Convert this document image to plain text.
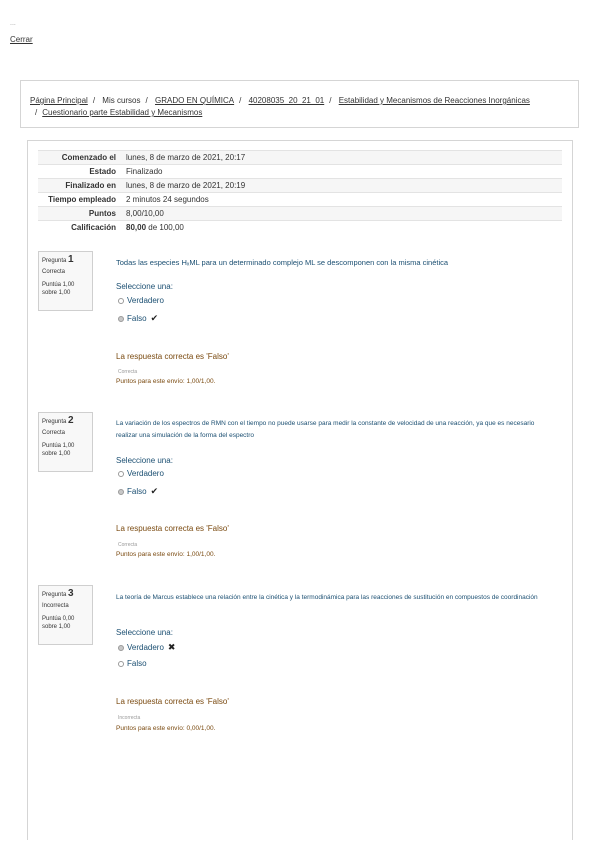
...
Cerrar
Página Principal / Mis cursos / GRADO EN QUÍMICA / 40208035_20_21_01 / Estabilidad y Mecanismos de Reacciones Inorgánicas
/ Cuestionario parte Estabilidad y Mecanismos
Comenzado el	lunes, 8 de marzo de 2021, 20:17
Estado	Finalizado
Finalizado en	lunes, 8 de marzo de 2021, 20:19
Tiempo empleado	2 minutos 24 segundos
Puntos	8,00/10,00
Calificación	80,00 de 100,00
Pregunta 1
Correcta
Puntúa 1,00
sobre 1,00
Todas las especies HₓML para un determinado complejo ML se descomponen con la misma cinética
Seleccione una:
Verdadero
Falso ✔
La respuesta correcta es 'Falso'
Correcta
Puntos para este envío: 1,00/1,00.
Pregunta 2
Correcta
Puntúa 1,00
sobre 1,00
La variación de los espectros de RMN con el tiempo no puede usarse para medir la constante de velocidad de una reacción, ya que es necesario realizar una simulación de la forma del espectro
Seleccione una:
Verdadero
Falso ✔
La respuesta correcta es 'Falso'
Correcta
Puntos para este envío: 1,00/1,00.
Pregunta 3
Incorrecta
Puntúa 0,00
sobre 1,00
La teoría de Marcus establece una relación entre la cinética y la termodinámica para las reacciones de sustitución en compuestos de coordinación
Seleccione una:
Verdadero ✖
Falso
La respuesta correcta es 'Falso'
Incorrecta
Puntos para este envío: 0,00/1,00.
